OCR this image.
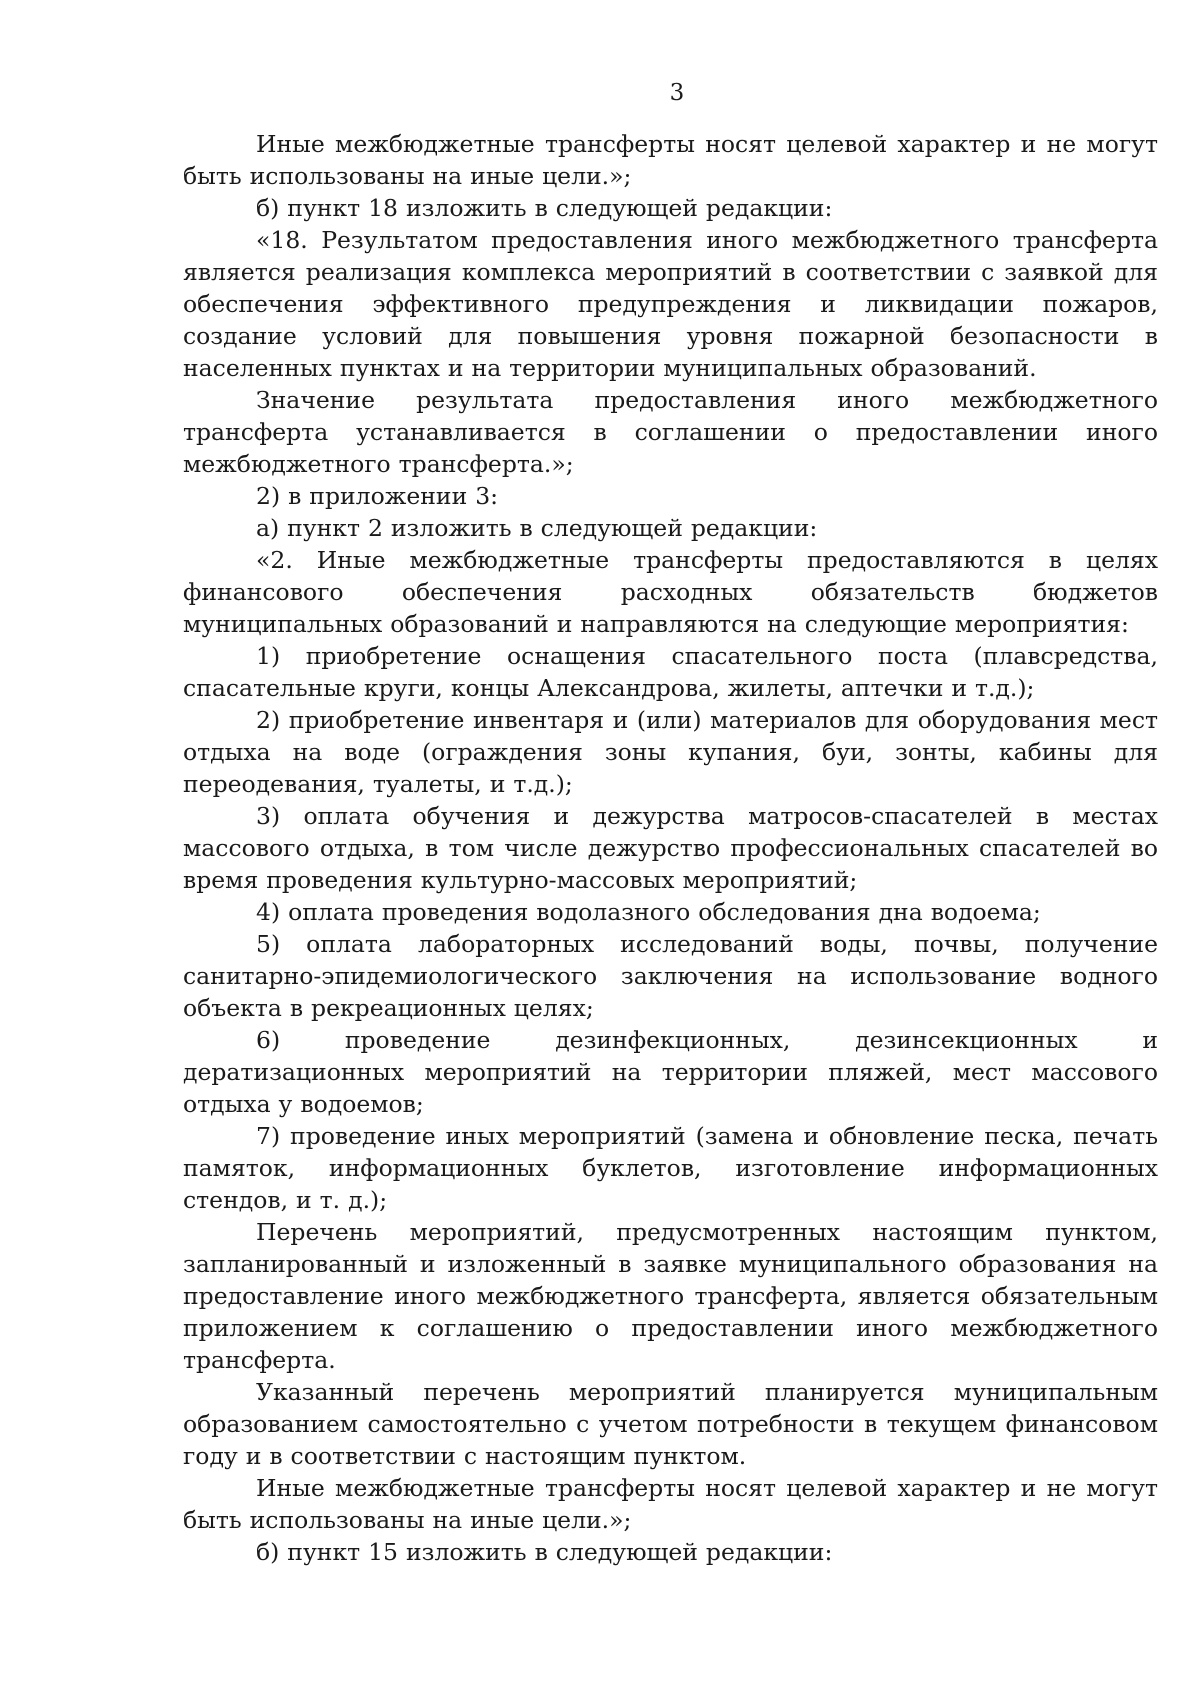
3

Иные межбюджетные трансферты носят целевой характер и не могут быть использованы на иные цели.»;

б) пункт 18 изложить в следующей редакции:

«18. Результатом предоставления иного межбюджетного трансферта является реализация комплекса мероприятий в соответствии с заявкой для обеспечения эффективного предупреждения и ликвидации пожаров, создание условий для повышения уровня пожарной безопасности в населенных пунктах и на территории муниципальных образований.

Значение результата предоставления иного межбюджетного трансферта устанавливается в соглашении о предоставлении иного межбюджетного трансферта.»;

2) в приложении 3:

а) пункт 2 изложить в следующей редакции:

«2. Иные межбюджетные трансферты предоставляются в целях финансового обеспечения расходных обязательств бюджетов муниципальных образований и направляются на следующие мероприятия:

1) приобретение оснащения спасательного поста (плавсредства, спасательные круги, концы Александрова, жилеты, аптечки и т.д.);

2) приобретение инвентаря и (или) материалов для оборудования мест отдыха на воде (ограждения зоны купания, буи, зонты, кабины для переодевания, туалеты, и т.д.);

3) оплата обучения и дежурства матросов-спасателей в местах массового отдыха, в том числе дежурство профессиональных спасателей во время проведения культурно-массовых мероприятий;

4) оплата проведения водолазного обследования дна водоема;

5) оплата лабораторных исследований воды, почвы, получение санитарно-эпидемиологического заключения на использование водного объекта в рекреационных целях;

6) проведение дезинфекционных, дезинсекционных и дератизационных мероприятий на территории пляжей, мест массового отдыха у водоемов;

7) проведение иных мероприятий (замена и обновление песка, печать памяток, информационных буклетов, изготовление информационных стендов, и т. д.);

Перечень мероприятий, предусмотренных настоящим пунктом, запланированный и изложенный в заявке муниципального образования на предоставление иного межбюджетного трансферта, является обязательным приложением к соглашению о предоставлении иного межбюджетного трансферта.

Указанный перечень мероприятий планируется муниципальным образованием самостоятельно с учетом потребности в текущем финансовом году и в соответствии с настоящим пунктом.

Иные межбюджетные трансферты носят целевой характер и не могут быть использованы на иные цели.»;

б) пункт 15 изложить в следующей редакции:
